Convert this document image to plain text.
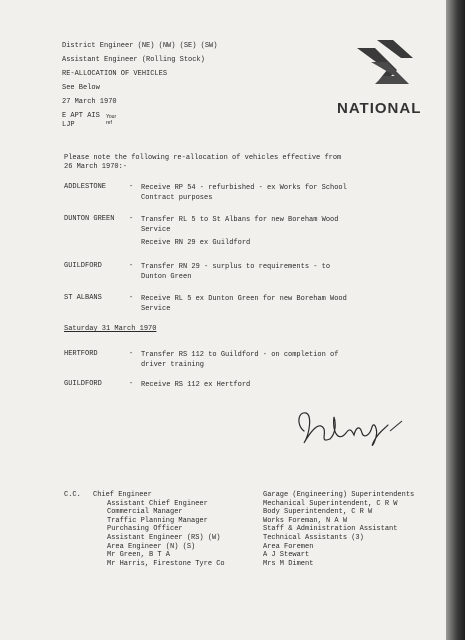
District Engineer (NE) (NW) (SE) (SW)
Assistant Engineer (Rolling Stock)
RE-ALLOCATION OF VEHICLES
See Below
27 March 1970
E APT AIS Your ref
LJP
NATIONAL
Please note the following re-allocation of vehicles effective from
26 March 1970:-
ADDLESTONE	- Receive RP 54 - refurbished - ex Works for School
Contract purposes
DUNTON GREEN - Transfer RL 5 to St Albans for new Boreham Wood
Service
Receive RN 29 ex Guildford
GUILDFORD	- Transfer RN 29 - surplus to requirements - to
Dunton Green
ST ALBANS	- Receive RL 5 ex Dunton Green for new Boreham Wood
Service
Saturday 31 March 1970
HERTFORD	- Transfer RS 112 to Guildford - on completion of
driver training
GUILDFORD	- Receive RS 112 ex Hertford
C.C. Chief Engineer
Assistant Chief Engineer
Commercial Manager
Traffic Planning Manager
Purchasing Officer
Assistant Engineer (RS) (W)
Area Engineer (N) (S)
Mr Green, B T A
Mr Harris, Firestone Tyre Co
Garage (Engineering) Superintendents
Mechanical Superintendent, C R W
Body Superintendent, C R W
Works Foreman, N A W
Staff & Administration Assistant
Technical Assistants (3)
Area Foremen
A J Stewart
Mrs M Diment
